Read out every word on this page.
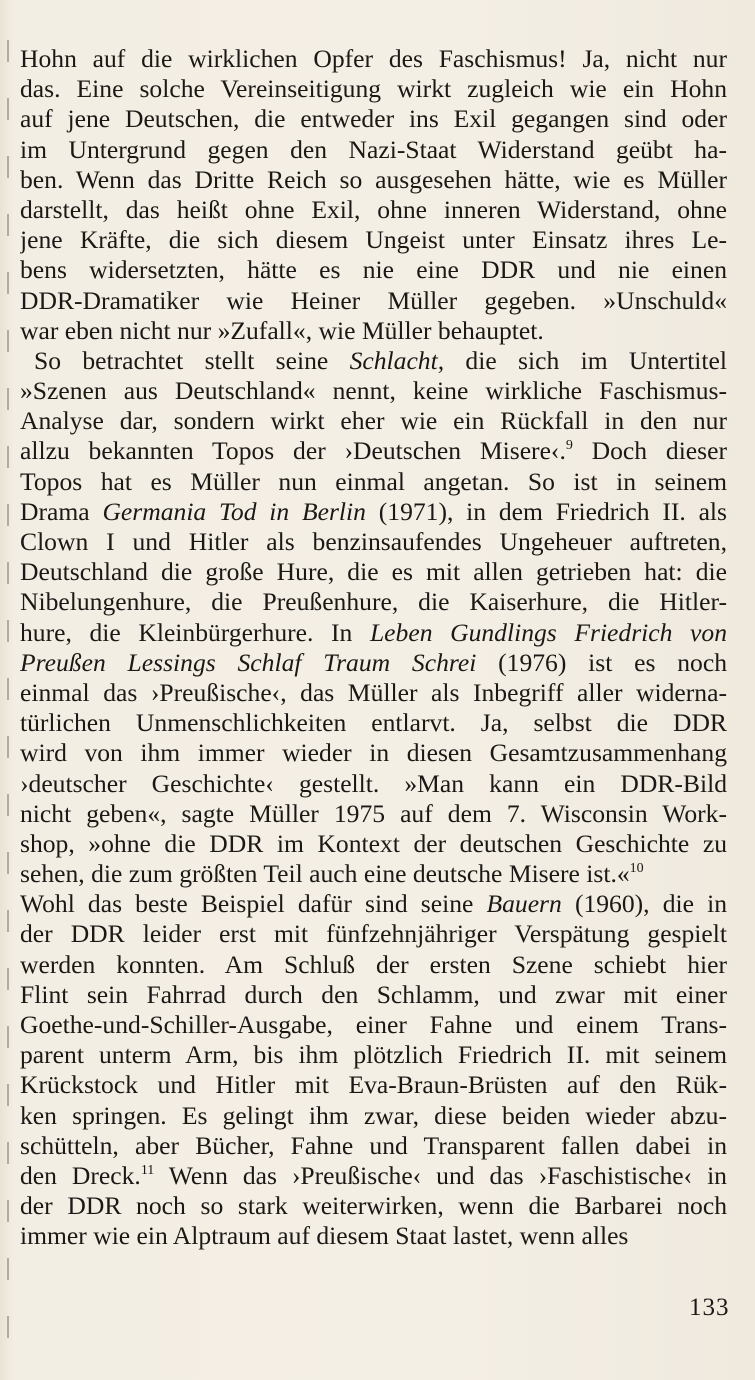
Hohn auf die wirklichen Opfer des Faschismus! Ja, nicht nur
das. Eine solche Vereinseitigung wirkt zugleich wie ein Hohn
auf jene Deutschen, die entweder ins Exil gegangen sind oder
im Untergrund gegen den Nazi-Staat Widerstand geübt ha-
ben. Wenn das Dritte Reich so ausgesehen hätte, wie es Müller
darstellt, das heißt ohne Exil, ohne inneren Widerstand, ohne
jene Kräfte, die sich diesem Ungeist unter Einsatz ihres Le-
bens widersetzten, hätte es nie eine DDR und nie einen
DDR-Dramatiker wie Heiner Müller gegeben. »Unschuld«
war eben nicht nur »Zufall«, wie Müller behauptet.
So betrachtet stellt seine Schlacht, die sich im Untertitel
»Szenen aus Deutschland« nennt, keine wirkliche Faschismus-
Analyse dar, sondern wirkt eher wie ein Rückfall in den nur
allzu bekannten Topos der ›Deutschen Misere‹.$^9$ Doch dieser
Topos hat es Müller nun einmal angetan. So ist in seinem
Drama Germania Tod in Berlin (1971), in dem Friedrich II. als
Clown I und Hitler als benzinsaufendes Ungeheuer auftreten,
Deutschland die große Hure, die es mit allen getrieben hat: die
Nibelungenhure, die Preußenhure, die Kaiserhure, die Hitler-
hure, die Kleinbürgerhure. In Leben Gundlings Friedrich von
Preußen Lessings Schlaf Traum Schrei (1976) ist es noch
einmal das ›Preußische‹, das Müller als Inbegriff aller widerna-
türlichen Unmenschlichkeiten entlarvt. Ja, selbst die DDR
wird von ihm immer wieder in diesen Gesamtzusammenhang
›deutscher Geschichte‹ gestellt. »Man kann ein DDR-Bild
nicht geben«, sagte Müller 1975 auf dem 7. Wisconsin Work-
shop, »ohne die DDR im Kontext der deutschen Geschichte zu
sehen, die zum größten Teil auch eine deutsche Misere ist.«$^{10}$
Wohl das beste Beispiel dafür sind seine Bauern (1960), die in
der DDR leider erst mit fünfzehnjähriger Verspätung gespielt
werden konnten. Am Schluß der ersten Szene schiebt hier
Flint sein Fahrrad durch den Schlamm, und zwar mit einer
Goethe-und-Schiller-Ausgabe, einer Fahne und einem Trans-
parent unterm Arm, bis ihm plötzlich Friedrich II. mit seinem
Krückstock und Hitler mit Eva-Braun-Brüsten auf den Rük-
ken springen. Es gelingt ihm zwar, diese beiden wieder abzu-
schütteln, aber Bücher, Fahne und Transparent fallen dabei in
den Dreck.$^{11}$ Wenn das ›Preußische‹ und das ›Faschistische‹ in
der DDR noch so stark weiterwirken, wenn die Barbarei noch
immer wie ein Alptraum auf diesem Staat lastet, wenn alles
133
